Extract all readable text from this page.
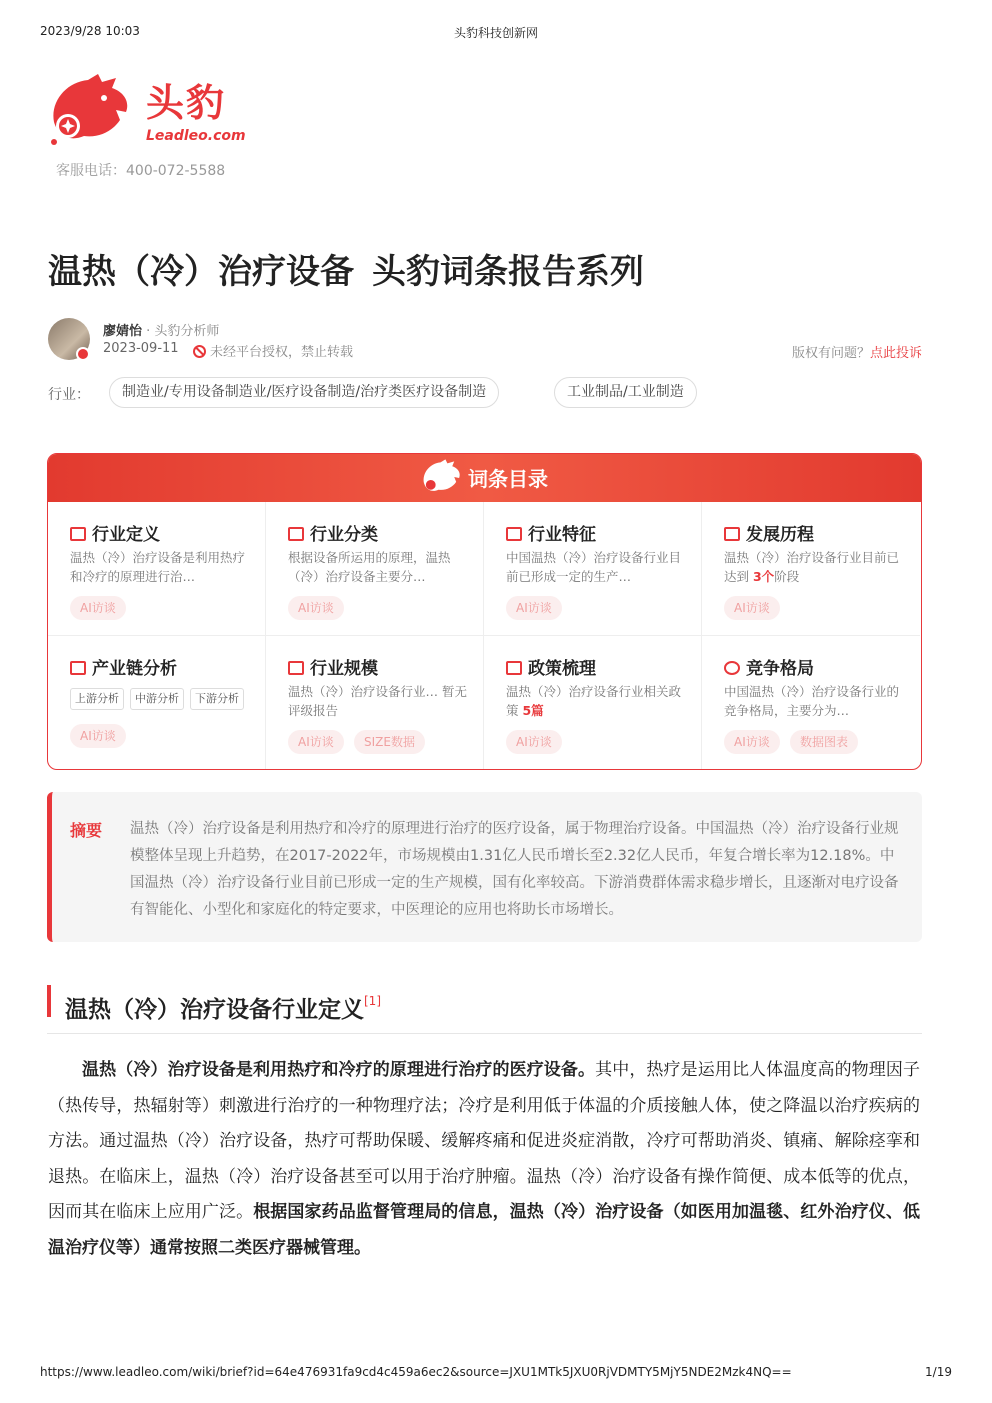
2023/9/28 10:03	头豹科技创新网
头豹
Leadleo.com
客服电话：400-072-5588
温热（冷）治疗设备 头豹词条报告系列
廖婧怡 · 头豹分析师
2023-09-11	未经平台授权，禁止转载	版权有问题？点此投诉
行业：	制造业/专用设备制造业/医疗设备制造/治疗类医疗设备制造	工业制品/工业制造
词条目录
行业定义
温热（冷）治疗设备是利用热疗和冷疗的原理进行治…
AI访谈
行业分类
根据设备所运用的原理，温热（冷）治疗设备主要分…
AI访谈
行业特征
中国温热（冷）治疗设备行业目前已形成一定的生产…
AI访谈
发展历程
温热（冷）治疗设备行业目前已达到 3个阶段
AI访谈
产业链分析
上游分析	中游分析	下游分析
AI访谈
行业规模
温热（冷）治疗设备行业… 暂无评级报告
AI访谈	SIZE数据
政策梳理
温热（冷）治疗设备行业相关政策 5篇
AI访谈
竞争格局
中国温热（冷）治疗设备行业的竞争格局，主要分为…
AI访谈	数据图表
摘要 温热（冷）治疗设备是利用热疗和冷疗的原理进行治疗的医疗设备，属于物理治疗设备。中国温热（冷）治疗设备行业规模整体呈现上升趋势，在2017-2022年，市场规模由1.31亿人民币增长至2.32亿人民币，年复合增长率为12.18%。中国温热（冷）治疗设备行业目前已形成一定的生产规模，国有化率较高。下游消费群体需求稳步增长，且逐渐对电疗设备有智能化、小型化和家庭化的特定要求，中医理论的应用也将助长市场增长。

温热（冷）治疗设备行业定义[1]

温热（冷）治疗设备是利用热疗和冷疗的原理进行治疗的医疗设备。其中，热疗是运用比人体温度高的物理因子（热传导，热辐射等）刺激进行治疗的一种物理疗法；冷疗是利用低于体温的介质接触人体，使之降温以治疗疾病的方法。通过温热（冷）治疗设备，热疗可帮助保暖、缓解疼痛和促进炎症消散，冷疗可帮助消炎、镇痛、解除痉挛和退热。在临床上，温热（冷）治疗设备甚至可以用于治疗肿瘤。温热（冷）治疗设备有操作简便、成本低等的优点，因而其在临床上应用广泛。根据国家药品监督管理局的信息，温热（冷）治疗设备（如医用加温毯、红外治疗仪、低温治疗仪等）通常按照二类医疗器械管理。

https://www.leadleo.com/wiki/brief?id=64e476931fa9cd4c459a6ec2&source=JXU1MTk5JXU0RjVDMTY5MjY5NDE2Mzk4NQ==	1/19
